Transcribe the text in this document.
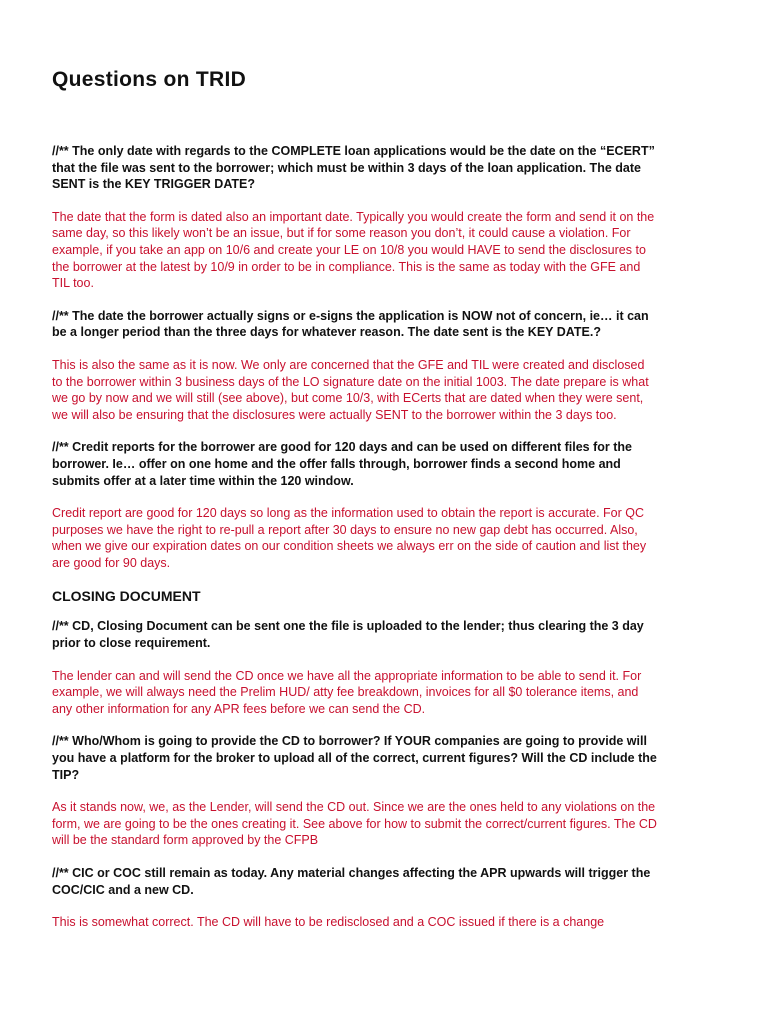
Questions on TRID

//** The only date with regards to the COMPLETE loan applications would be the date on the “ECERT” that the file was sent to the borrower; which must be within 3 days of the loan application. The date SENT is the KEY TRIGGER DATE?

The date that the form is dated also an important date. Typically you would create the form and send it on the same day, so this likely won’t be an issue, but if for some reason you don’t, it could cause a violation. For example, if you take an app on 10/6 and create your LE on 10/8 you would HAVE to send the disclosures to the borrower at the latest by 10/9 in order to be in compliance. This is the same as today with the GFE and TIL too.

//** The date the borrower actually signs or e-signs the application is NOW not of concern, ie… it can be a longer period than the three days for whatever reason. The date sent is the KEY DATE.?

This is also the same as it is now. We only are concerned that the GFE and TIL were created and disclosed to the borrower within 3 business days of the LO signature date on the initial 1003. The date prepare is what we go by now and we will still (see above), but come 10/3, with ECerts that are dated when they were sent, we will also be ensuring that the disclosures were actually SENT to the borrower within the 3 days too.

//** Credit reports for the borrower are good for 120 days and can be used on different files for the borrower. Ie… offer on one home and the offer falls through, borrower finds a second home and submits offer at a later time within the 120 window.

Credit report are good for 120 days so long as the information used to obtain the report is accurate. For QC purposes we have the right to re-pull a report after 30 days to ensure no new gap debt has occurred. Also, when we give our expiration dates on our condition sheets we always err on the side of caution and list they are good for 90 days.

CLOSING DOCUMENT

//** CD, Closing Document can be sent one the file is uploaded to the lender; thus clearing the 3 day prior to close requirement.

The lender can and will send the CD once we have all the appropriate information to be able to send it. For example, we will always need the Prelim HUD/ atty fee breakdown, invoices for all $0 tolerance items, and any other information for any APR fees before we can send the CD.

//** Who/Whom is going to provide the CD to borrower? If YOUR companies are going to provide will you have a platform for the broker to upload all of the correct, current figures? Will the CD include the TIP?

As it stands now, we, as the Lender, will send the CD out. Since we are the ones held to any violations on the form, we are going to be the ones creating it. See above for how to submit the correct/current figures. The CD will be the standard form approved by the CFPB

//** CIC or COC still remain as today. Any material changes affecting the APR upwards will trigger the COC/CIC and a new CD.

This is somewhat correct. The CD will have to be redisclosed and a COC issued if there is a change
